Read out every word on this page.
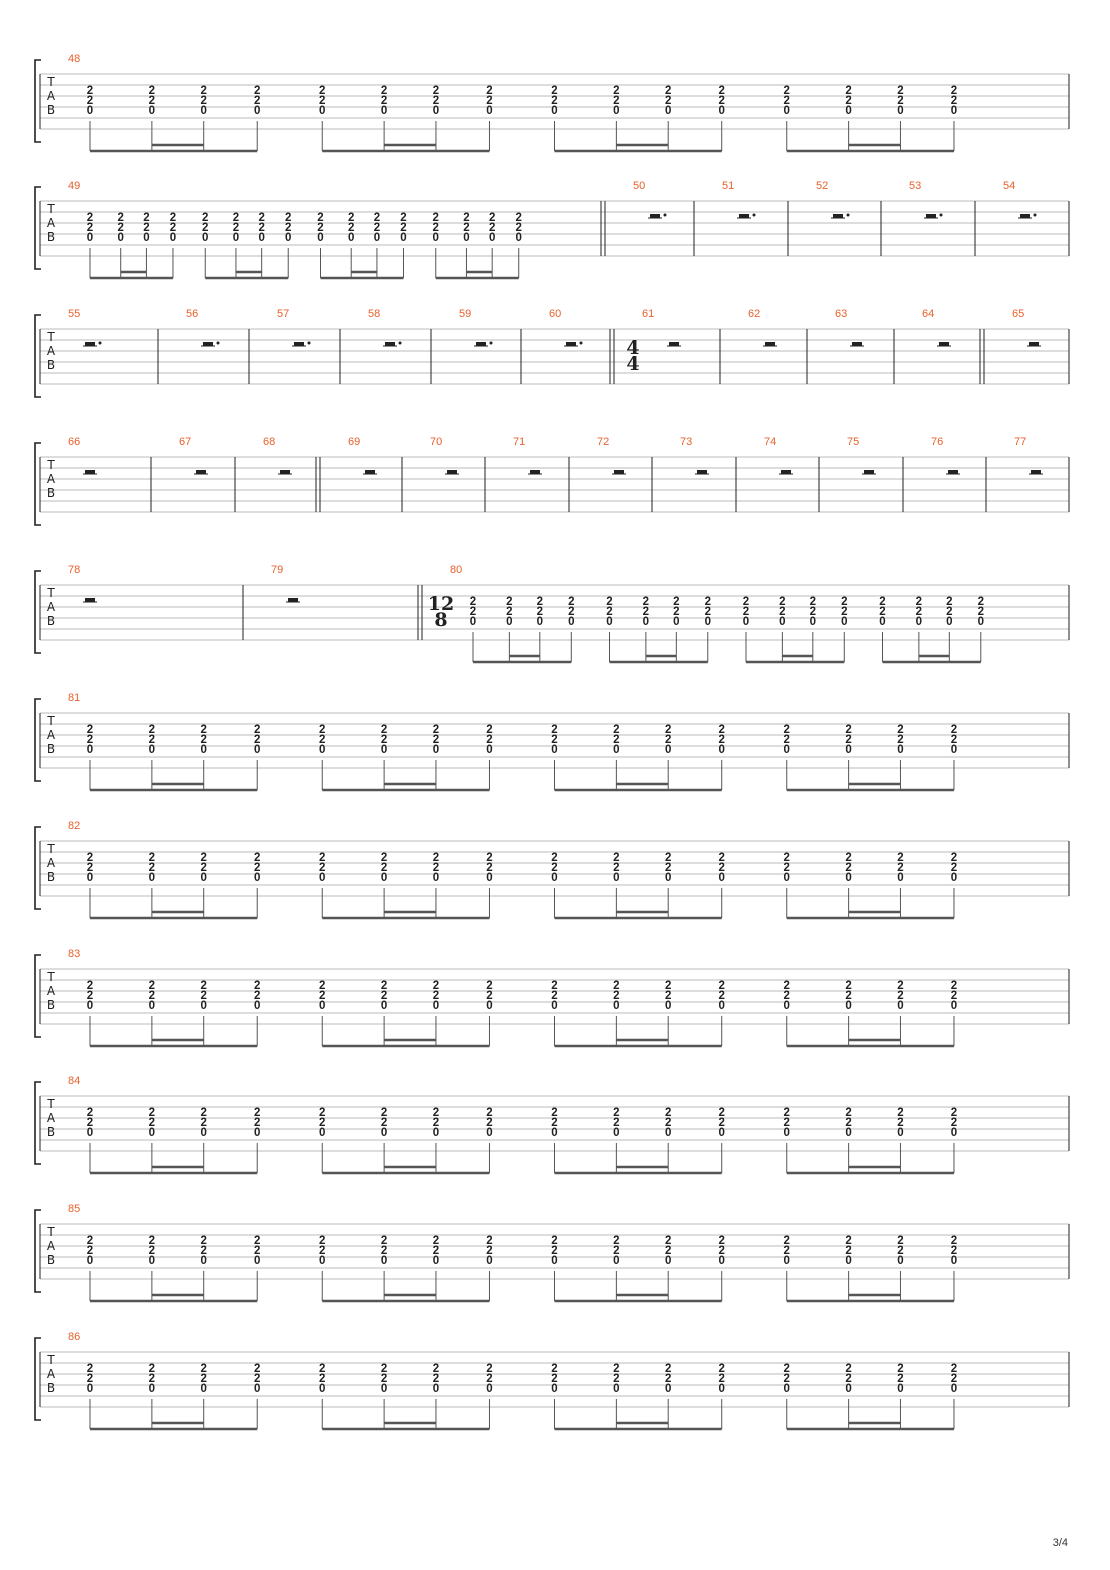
T
A
B
48
2
2
0
2
2
0
2
2
0
2
2
0
2
2
0
2
2
0
2
2
0
2
2
0
2
2
0
2
2
0
2
2
0
2
2
0
2
2
0
2
2
0
2
2
0
2
2
0
T
A
B
49
2
2
0
2
2
0
2
2
0
2
2
0
2
2
0
2
2
0
2
2
0
2
2
0
2
2
0
2
2
0
2
2
0
2
2
0
2
2
0
2
2
0
2
2
0
2
2
0
50	51	52	53	54
T
A
B
55	56	57	58	59	60	61
4
4
62	63	64	65
T
A
B
66	67	68	69	70	71	72	73	74	75	76	77
T
A
B
78	79	80
12
8
2
2
0
2
2
0
2
2
0
2
2
0
2
2
0
2
2
0
2
2
0
2
2
0
2
2
0
2
2
0
2
2
0
2
2
0
2
2
0
2
2
0
2
2
0
2
2
0
T
A
B
81
2
2
0
2
2
0
2
2
0
2
2
0
2
2
0
2
2
0
2
2
0
2
2
0
2
2
0
2
2
0
2
2
0
2
2
0
2
2
0
2
2
0
2
2
0
2
2
0
T
A
B
82
2
2
0
2
2
0
2
2
0
2
2
0
2
2
0
2
2
0
2
2
0
2
2
0
2
2
0
2
2
0
2
2
0
2
2
0
2
2
0
2
2
0
2
2
0
2
2
0
T
A
B
83
2
2
0
2
2
0
2
2
0
2
2
0
2
2
0
2
2
0
2
2
0
2
2
0
2
2
0
2
2
0
2
2
0
2
2
0
2
2
0
2
2
0
2
2
0
2
2
0
T
A
B
84
2
2
0
2
2
0
2
2
0
2
2
0
2
2
0
2
2
0
2
2
0
2
2
0
2
2
0
2
2
0
2
2
0
2
2
0
2
2
0
2
2
0
2
2
0
2
2
0
T
A
B
85
2
2
0
2
2
0
2
2
0
2
2
0
2
2
0
2
2
0
2
2
0
2
2
0
2
2
0
2
2
0
2
2
0
2
2
0
2
2
0
2
2
0
2
2
0
2
2
0
T
A
B
86
2
2
0
2
2
0
2
2
0
2
2
0
2
2
0
2
2
0
2
2
0
2
2
0
2
2
0
2
2
0
2
2
0
2
2
0
2
2
0
2
2
0
2
2
0
2
2
0
3/4
